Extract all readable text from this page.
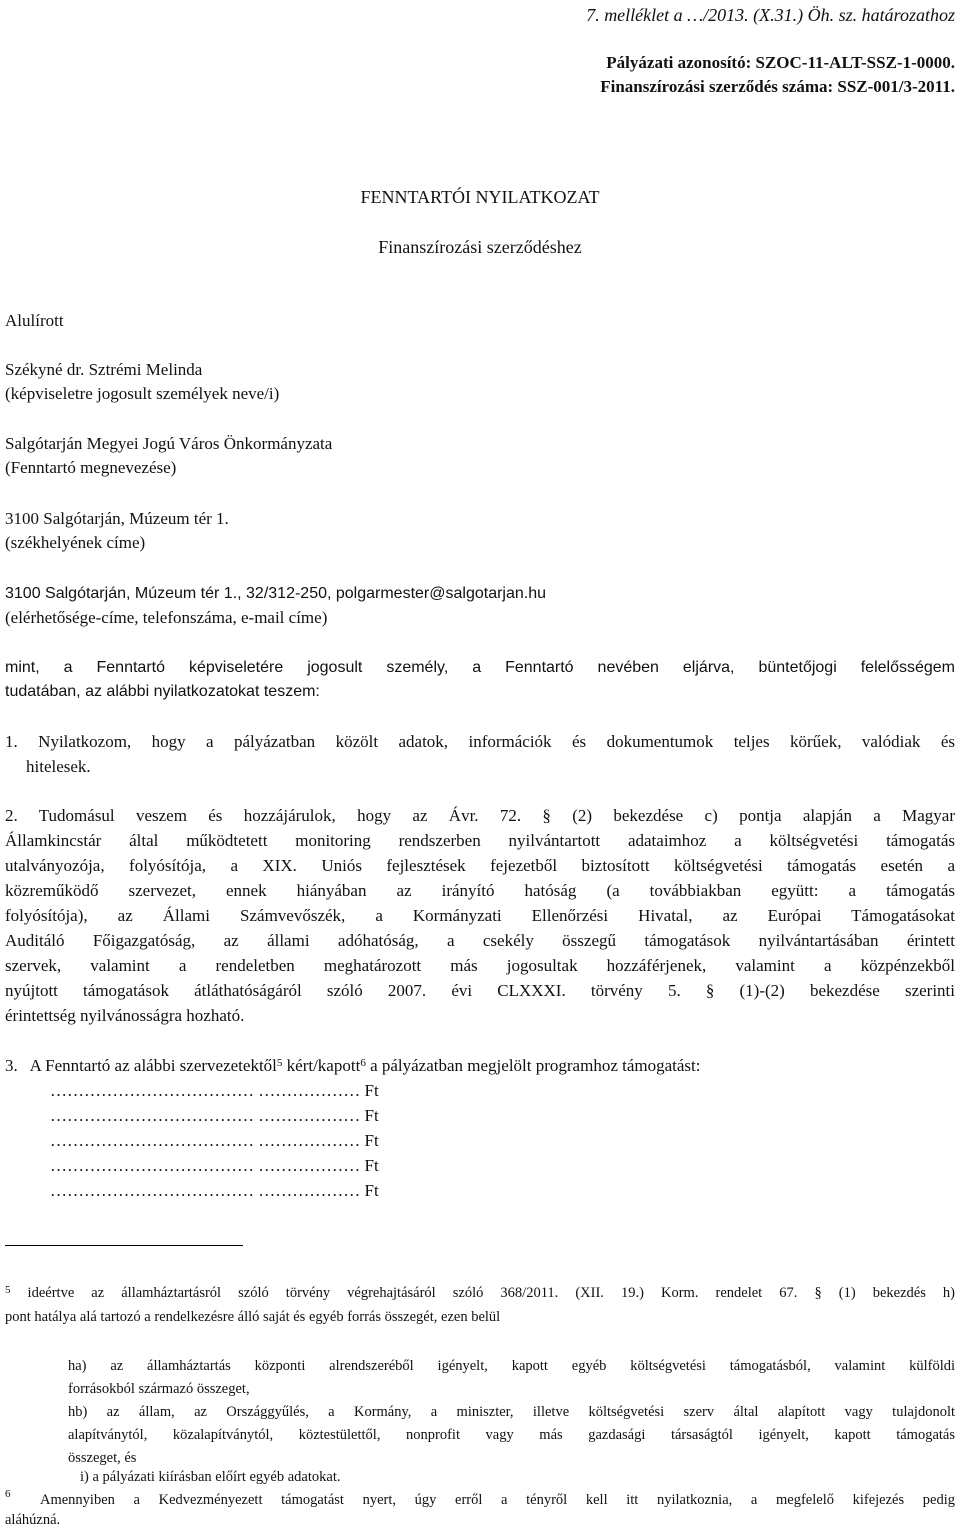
7. melléklet a …/2013. (X.31.) Öh. sz. határozathoz
Pályázati azonosító: SZOC-11-ALT-SSZ-1-0000.
Finanszírozási szerződés száma: SSZ-001/3-2011.
FENNTARTÓI NYILATKOZAT
Finanszírozási szerződéshez
Alulírott
Székyné dr. Sztrémi Melinda
(képviseletre jogosult személyek neve/i)
Salgótarján Megyei Jogú Város Önkormányzata
(Fenntartó megnevezése)
3100 Salgótarján, Múzeum tér 1.
(székhelyének címe)
3100 Salgótarján, Múzeum tér 1., 32/312-250, polgarmester@salgotarjan.hu
(elérhetősége-címe, telefonszáma, e-mail címe)
mint, a Fenntartó képviseletére jogosult személy, a Fenntartó nevében eljárva, büntetőjogi felelősségem
tudatában, az alábbi nyilatkozatokat teszem:
1. Nyilatkozom, hogy a pályázatban közölt adatok, információk és dokumentumok teljes körűek, valódiak és
hitelesek.
2. Tudomásul veszem és hozzájárulok, hogy az Ávr. 72. § (2) bekezdése c) pontja alapján a Magyar
Államkincstár által működtetett monitoring rendszerben nyilvántartott adataimhoz a költségvetési támogatás
utalványozója, folyósítója, a XIX. Uniós fejlesztések fejezetből biztosított költségvetési támogatás esetén a
közreműködő szervezet, ennek hiányában az irányító hatóság (a továbbiakban együtt: a támogatás
folyósítója), az Állami Számvevőszék, a Kormányzati Ellenőrzési Hivatal, az Európai Támogatásokat
Auditáló Főigazgatóság, az állami adóhatóság, a csekély összegű támogatások nyilvántartásában érintett
szervek, valamint a rendeletben meghatározott más jogosultak hozzáférjenek, valamint a közpénzekből
nyújtott támogatások átláthatóságáról szóló 2007. évi CLXXXI. törvény 5. § (1)-(2) bekezdése szerinti
érintettség nyilvánosságra hozható.
3. A Fenntartó az alábbi szervezetektől$^5$ kért/kapott$^6$ a pályázatban megjelölt programhoz támogatást:
……………………………… ……………… Ft
……………………………… ……………… Ft
……………………………… ……………… Ft
……………………………… ……………… Ft
……………………………… ……………… Ft
$^5$ ideértve az államháztartásról szóló törvény végrehajtásáról szóló 368/2011. (XII. 19.) Korm. rendelet 67. § (1) bekezdés h)
pont hatálya alá tartozó a rendelkezésre álló saját és egyéb forrás összegét, ezen belül
ha) az államháztartás központi alrendszeréből igényelt, kapott egyéb költségvetési támogatásból, valamint külföldi
forrásokból származó összeget,
hb) az állam, az Országgyűlés, a Kormány, a miniszter, illetve költségvetési szerv által alapított vagy tulajdonolt
alapítványtól, közalapítványtól, köztestülettől, nonprofit vagy más gazdasági társaságtól igényelt, kapott támogatás
összeget, és
i) a pályázati kiírásban előírt egyéb adatokat.
6	Amennyiben a Kedvezményezett támogatást nyert, úgy erről a tényről kell itt nyilatkoznia, a megfelelő kifejezés pedig
aláhúzná.
